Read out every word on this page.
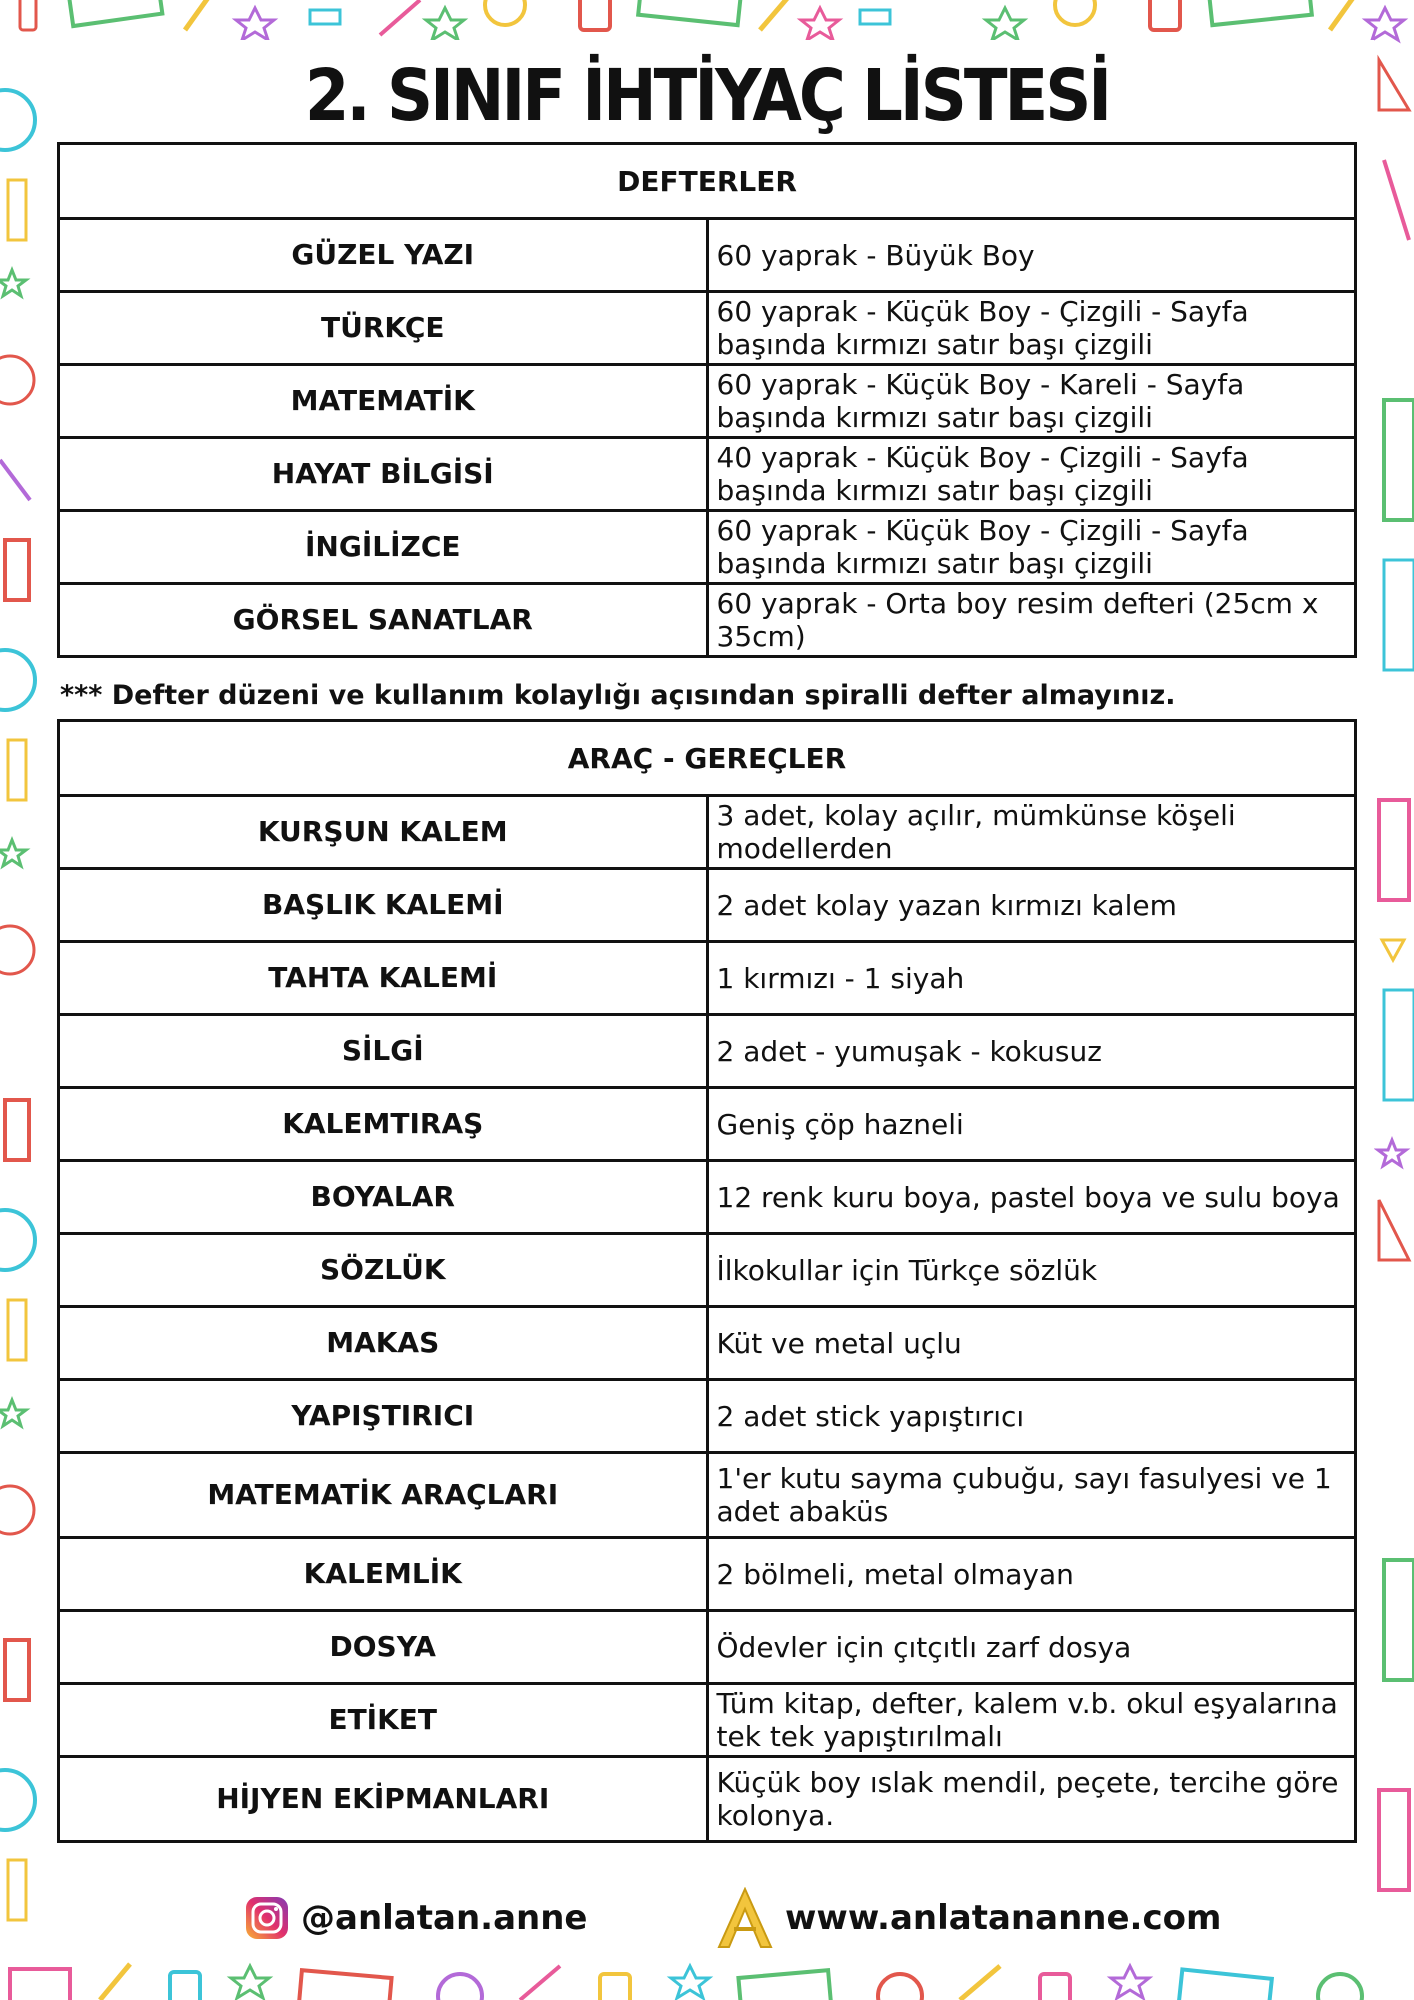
2. SINIF İHTİYAÇ LİSTESİ
DEFTERLER	
GÜZEL YAZI	60 yaprak - Büyük Boy
TÜRKÇE	60 yaprak - Küçük Boy - Çizgili - Sayfa başında kırmızı satır başı çizgili
MATEMATİK	60 yaprak - Küçük Boy - Kareli - Sayfa başında kırmızı satır başı çizgili
HAYAT BİLGİSİ	40 yaprak - Küçük Boy - Çizgili - Sayfa başında kırmızı satır başı çizgili
İNGİLİZCE	60 yaprak - Küçük Boy - Çizgili - Sayfa başında kırmızı satır başı çizgili
GÖRSEL SANATLAR	60 yaprak - Orta boy resim defteri (25cm x 35cm)
*** Defter düzeni ve kullanım kolaylığı açısından spiralli defter almayınız.
ARAÇ - GEREÇLER	
KURŞUN KALEM	3 adet, kolay açılır, mümkünse köşeli modellerden
BAŞLIK KALEMİ	2 adet kolay yazan kırmızı kalem
TAHTA KALEMİ	1 kırmızı - 1 siyah
SİLGİ	2 adet - yumuşak - kokusuz
KALEMTIRAŞ	Geniş çöp hazneli
BOYALAR	12 renk kuru boya, pastel boya ve sulu boya
SÖZLÜK	İlkokullar için Türkçe sözlük
MAKAS	Küt ve metal uçlu
YAPIŞTIRICI	2 adet stick yapıştırıcı
MATEMATİK ARAÇLARI	1'er kutu sayma çubuğu, sayı fasulyesi ve 1 adet abaküs
KALEMLİK	2 bölmeli, metal olmayan
DOSYA	Ödevler için çıtçıtlı zarf dosya
ETİKET	Tüm kitap, defter, kalem v.b. okul eşyalarına tek tek yapıştırılmalı
HİJYEN EKİPMANLARI	Küçük boy ıslak mendil, peçete, tercihe göre kolonya.
@anlatan.anne	www.anlatananne.com
